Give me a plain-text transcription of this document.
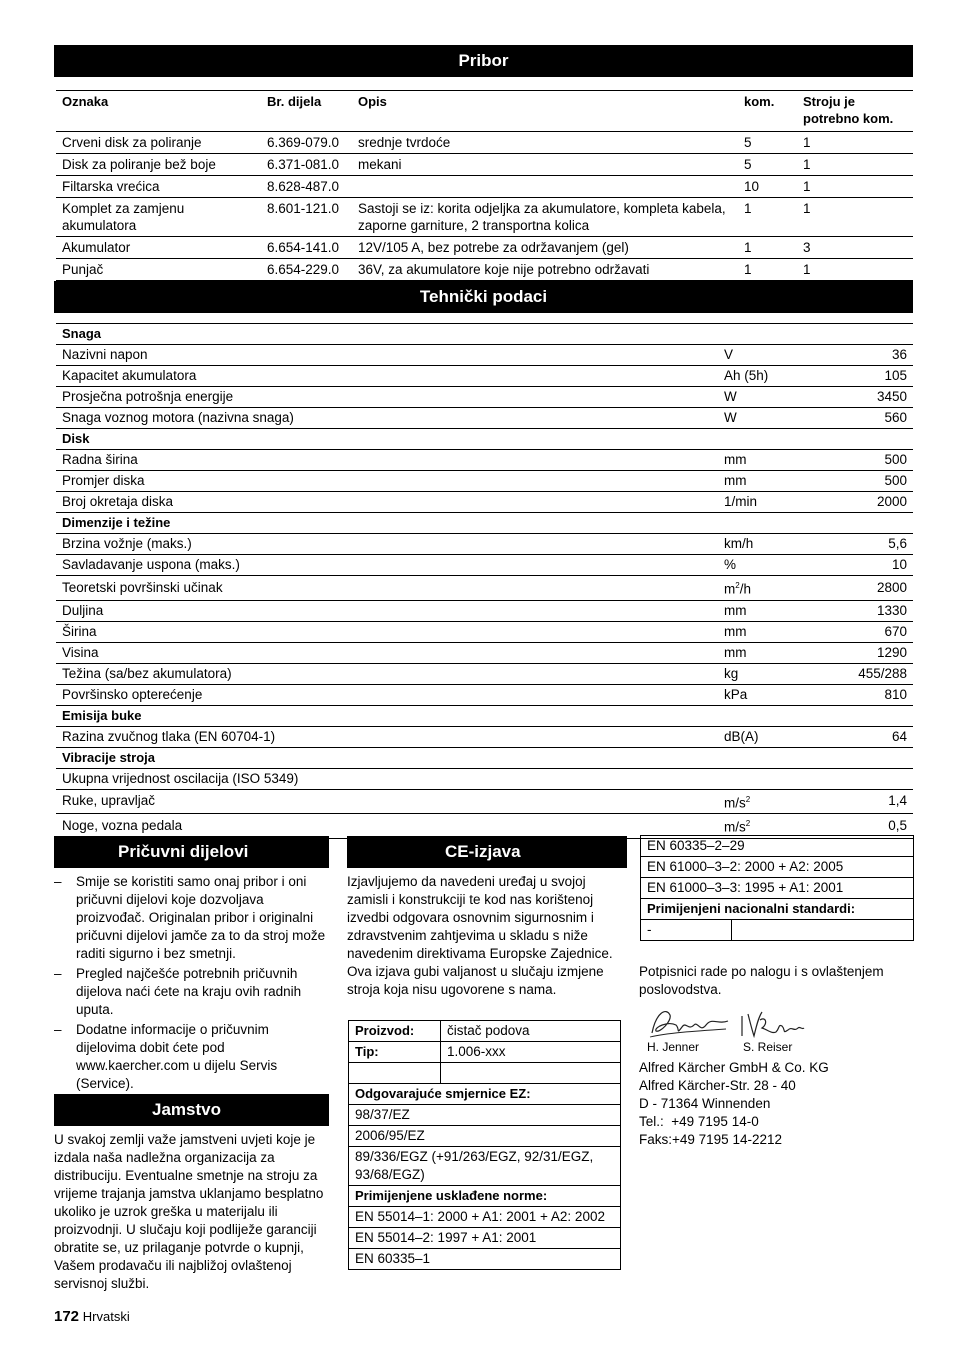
Pribor
Oznaka	Br. dijela	Opis	kom.	Stroju je potrebno kom.
Crveni disk za poliranje	6.369-079.0	srednje tvrdoće	5	1
Disk za poliranje bež boje	6.371-081.0	mekani	5	1
Filtarska vrećica	8.628-487.0		10	1
Komplet za zamjenu akumulatora	8.601-121.0	Sastoji se iz: korita odjeljka za akumulatore, kompleta kabela, zaporne garniture, 2 transportna kolica	1	1
Akumulator	6.654-141.0	12V/105 A, bez potrebe za održavanjem (gel)	1	3
Punjač	6.654-229.0	36V, za akumulatore koje nije potrebno održavati	1	1
Tehnički podaci
Snaga		
Nazivni napon	V	36
Kapacitet akumulatora	Ah (5h)	105
Prosječna potrošnja energije	W	3450
Snaga voznog motora (nazivna snaga)	W	560
Disk		
Radna širina	mm	500
Promjer diska	mm	500
Broj okretaja diska	1/min	2000
Dimenzije i težine		
Brzina vožnje (maks.)	km/h	5,6
Savladavanje uspona (maks.)	%	10
Teoretski površinski učinak	$m^2/h$	2800
Duljina	mm	1330
Širina	mm	670
Visina	mm	1290
Težina (sa/bez akumulatora)	kg	455/288
Površinsko opterećenje	kPa	810
Emisija buke		
Razina zvučnog tlaka (EN 60704-1)	dB(A)	64
Vibracije stroja		
Ukupna vrijednost oscilacija (ISO 5349)		
Ruke, upravljač	$m/s^2$	1,4
Noge, vozna pedala	$m/s^2$	0,5
Pričuvni dijelovi
– Smije se koristiti samo onaj pribor i oni pričuvni dijelovi koje dozvoljava proizvođač. Originalan pribor i originalni pričuvni dijelovi jamče za to da stroj može raditi sigurno i bez smetnji.
– Pregled najčešće potrebnih pričuvnih dijelova naći ćete na kraju ovih radnih uputa.
– Dodatne informacije o pričuvnim dijelovima dobit ćete pod www.kaercher.com u dijelu Servis (Service).
Jamstvo
U svakoj zemlji važe jamstveni uvjeti koje je izdala naša nadležna organizacija za distribuciju. Eventualne smetnje na stroju za vrijeme trajanja jamstva uklanjamo besplatno ukoliko je uzrok greška u materijalu ili proizvodnji. U slučaju koji podliježe garanciji obratite se, uz prilaganje potvrde o kupnji, Vašem prodavaču ili najbližoj ovlaštenoj servisnoj službi.
CE-izjava
Izjavljujemo da navedeni uređaj u svojoj zamisli i konstrukciji te kod nas korištenoj izvedbi odgovara osnovnim sigurnosnim i zdravstvenim zahtjevima u skladu s niže navedenim direktivama Europske Zajednice. Ova izjava gubi valjanost u slučaju izmjene stroja koja nisu ugovorene s nama.
Proizvod:	čistač podova
Tip:	1.006-xxx

Odgovarajuće smjernice EZ:	
98/37/EZ	
2006/95/EZ	
89/336/EGZ (+91/263/EGZ, 92/31/EGZ, 93/68/EGZ)	
Primijenjene usklađene norme:	
EN 55014–1: 2000 + A1: 2001 + A2: 2002	
EN 55014–2: 1997 + A1: 2001	
EN 60335–1	
EN 60335–2–29
EN 61000–3–2: 2000 + A2: 2005
EN 61000–3–3: 1995 + A1: 2001
Primijenjeni nacionalni standardi:
-	
Potpisnici rade po nalogu i s ovlaštenjem poslovodstva.
H. Jenner	S. Reiser
Alfred Kärcher GmbH & Co. KG
Alfred Kärcher-Str. 28 - 40
D - 71364 Winnenden
Tel.:  +49 7195 14-0
Faks:+49 7195 14-2212
172 Hrvatski
